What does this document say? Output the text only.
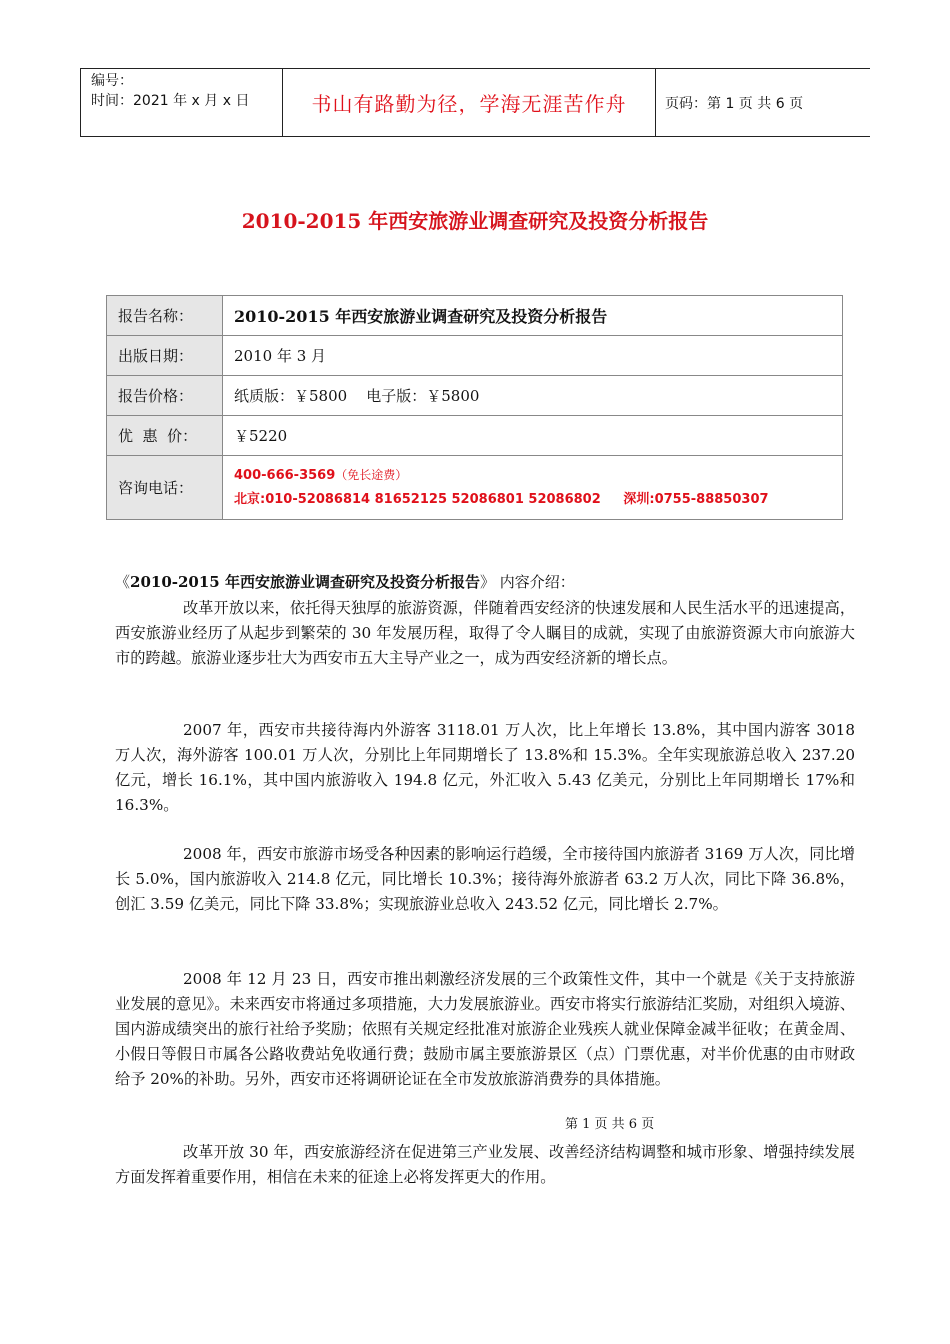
编号：
时间：2021 年 x 月 x 日	书山有路勤为径，学海无涯苦作舟	页码：第 1 页 共 6 页
2010-2015 年西安旅游业调查研究及投资分析报告
报告名称：	2010-2015 年西安旅游业调查研究及投资分析报告
出版日期：	2010 年 3 月
报告价格：	纸质版：￥5800    电子版：￥5800
优  惠  价：	￥5220
咨询电话：	400-666-3569（免长途费）
北京:010-52086814 81652125 52086801 52086802     深圳:0755-88850307
《2010-2015 年西安旅游业调查研究及投资分析报告》 内容介绍：
改革开放以来，依托得天独厚的旅游资源，伴随着西安经济的快速发展和人民生活水平的迅速提高，西安旅游业经历了从起步到繁荣的 30 年发展历程，取得了令人瞩目的成就，实现了由旅游资源大市向旅游大市的跨越。旅游业逐步壮大为西安市五大主导产业之一，成为西安经济新的增长点。
2007 年，西安市共接待海内外游客 3118.01 万人次，比上年增长 13.8%，其中国内游客 3018 万人次，海外游客 100.01 万人次，分别比上年同期增长了 13.8%和 15.3%。全年实现旅游总收入 237.20 亿元，增长 16.1%，其中国内旅游收入 194.8 亿元，外汇收入 5.43 亿美元，分别比上年同期增长 17%和 16.3%。
2008 年，西安市旅游市场受各种因素的影响运行趋缓，全市接待国内旅游者 3169 万人次，同比增长 5.0%，国内旅游收入 214.8 亿元，同比增长 10.3%；接待海外旅游者 63.2 万人次，同比下降 36.8%，创汇 3.59 亿美元，同比下降 33.8%；实现旅游业总收入 243.52 亿元，同比增长 2.7%。
2008 年 12 月 23 日，西安市推出刺激经济发展的三个政策性文件，其中一个就是《关于支持旅游业发展的意见》。未来西安市将通过多项措施，大力发展旅游业。西安市将实行旅游结汇奖励，对组织入境游、国内游成绩突出的旅行社给予奖励；依照有关规定经批准对旅游企业残疾人就业保障金减半征收；在黄金周、小假日等假日市属各公路收费站免收通行费；鼓励市属主要旅游景区（点）门票优惠，对半价优惠的由市财政给予 20%的补助。另外，西安市还将调研论证在全市发放旅游消费券的具体措施。
第 1 页 共 6 页
改革开放 30 年，西安旅游经济在促进第三产业发展、改善经济结构调整和城市形象、增强持续发展方面发挥着重要作用，相信在未来的征途上必将发挥更大的作用。
